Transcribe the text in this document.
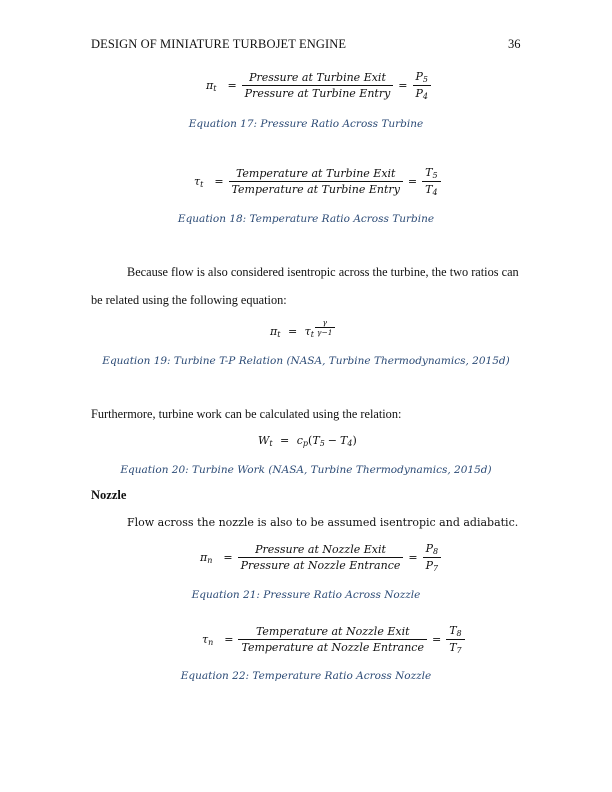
DESIGN OF MINIATURE TURBOJET ENGINE	36
$\pi_t = \frac{\text{Pressure at Turbine Exit}}{\text{Pressure at Turbine Entry}} = \frac{P_5}{P_4}$
Equation 17: Pressure Ratio Across Turbine
$\tau_t = \frac{\text{Temperature at Turbine Exit}}{\text{Temperature at Turbine Entry}} = \frac{T_5}{T_4}$
Equation 18: Temperature Ratio Across Turbine
Because flow is also considered isentropic across the turbine, the two ratios can
be related using the following equation:
$\pi_t = \tau_t \frac{\gamma}{\gamma-1}$
Equation 19: Turbine T-P Relation (NASA, Turbine Thermodynamics, 2015d)
Furthermore, turbine work can be calculated using the relation:
$W_t = c_p(T_5 - T_4)$
Equation 20: Turbine Work (NASA, Turbine Thermodynamics, 2015d)
Nozzle
Flow across the nozzle is also to be assumed isentropic and adiabatic.
$\pi_n = \frac{\text{Pressure at Nozzle Exit}}{\text{Pressure at Nozzle Entrance}} = \frac{P_8}{P_7}$
Equation 21: Pressure Ratio Across Nozzle
$\tau_n = \frac{\text{Temperature at Nozzle Exit}}{\text{Temperature at Nozzle Entrance}} = \frac{T_8}{T_7}$
Equation 22: Temperature Ratio Across Nozzle
